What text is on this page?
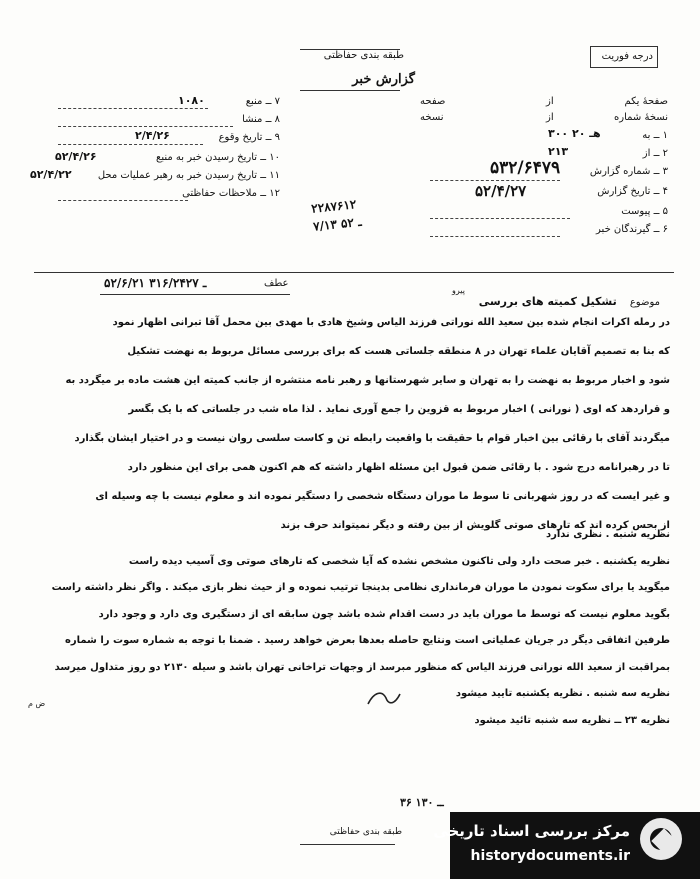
طبقه بندی حفاظتی
گزارش خبر
درجه فوریت
۷ ــ منبع
۱۰۸۰
۸ ــ منشا
۹ ــ تاریخ وقوع
۲/۴/۲۶
۱۰ ــ تاریخ رسیدن خبر به منبع
۵۲/۴/۲۶
۱۱ ــ تاریخ رسیدن خبر به رهبر عملیات محل
۵۲/۴/۲۲
۱۲ ــ ملاحظات حفاظتی
صفحهٔ یکم
از
صفحه
نسخهٔ شماره
از
نسخه
۱ ــ به
۳۰۰ هـ ۲۰
۲ ــ از
۲۱۳
۳ ــ شماره گزارش
۵۳۲/۶۴۷۹
۴ ــ تاریخ گزارش
۵۲/۴/۲۷
۵ ــ پیوست
۶ ــ گیرندگان خبر
۲۲۸۷۶۱۲
۷/۱۳ ـ ۵۲
۵۲/۶/۲۱ ـ ۳۱۶/۲۴۲۷	عطف
پیرو
موضوع تشکیل کمیته های بررسی
در رمله اکرات انجام شده بین سعید الله نوراتی فرزند الیاس وشیخ هادی با مهدی بین محمل آقا تبرانی اظهار نمود
که بنا به تصمیم آقایان علماء تهران در ۸ منطقه جلساتی هست که برای بررسی مسائل مربوط به نهضت تشکیل
شود و اخبار مربوط به نهضت را به تهران و سایر شهرستانها و رهبر نامه منتشره از جانب کمیته این هشت ماده بر میگردد به
و قراردهد که اوی ( نورانی ) اخبار مربوط به قزوین را جمع آوری نماید . لذا ماه شب در جلساتی که با یک بگسر
میگردند آقای با رقائی بین اخبار قوام با حقیقت با واقعیت رابطه تن و کاست سلسی روان نیست و در اختیار ایشان بگذارد
تا در رهبرانامه درج شود . با رقائی ضمن قبول این مسئله اظهار داشته که هم اکنون همی برای این منظور دارد
و غیر ایست که در روز شهربانی تا سوط ما موران دستگاه شخصی را دستگیر نموده اند و معلوم نیست با چه وسیله ای
از بحس کرده اند که تارهای صوتی گلویش از بین رفته و دیگر نمیتواند حرف بزند
نظریه شنبه . نظری ندارد
نظریه یکشنبه . خبر صحت دارد ولی تاکنون مشخص نشده که آیا شخصی که تارهای صوتی وی آسیب دیده راست
میگوید یا برای سکوت نمودن ما موران فرمانداری نظامی بدینجا ترتیب نموده و از حیث نظر بازی میکند . واگر نظر داشته راست
بگوید معلوم نیست که توسط ما موران باید در دست اقدام شده باشد چون سابقه ای از دستگیری وی دارد و وجود دارد
طرفین اتفاقی دیگر در جریان عملیاتی است ونتایج حاصله بعدها بعرض خواهد رسید . ضمنا با توجه به شماره سوت را شماره
بمراقبت از سعید الله نورانی فرزند الیاس که منظور مبرسد از وجهات تراخانی تهران باشد و سیله ۲۱۳۰ دو روز متداول میرسد
نظریه سه شنبه . نظریه یکشنبه تایید میشود
نظریه ۲۳ ــ نظریه سه شنبه تائید میشود
ض م
۳۶ ــ ۱۳۰
طبقه بندی حفاظتی مرکز بررسی اسناد تاریخی
historydocuments.ir
